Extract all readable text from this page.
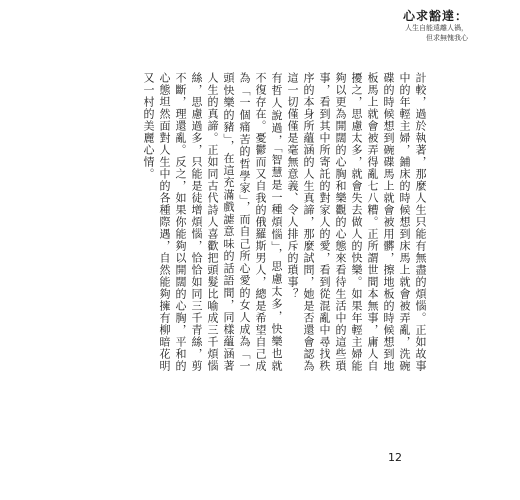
心求豁達：
人生自能遠離人禍，
但求無愧我心

計較，過於執著，那麼人生只能有無盡的煩惱。正如故事中的年輕主婦，鋪床的時候想到床馬上就會被弄亂，洗碗碟的時候想到碗碟馬上就會被用髒，擦地板的時候想到地板馬上就會被弄得亂七八糟。正所謂世間本無事，庸人自擾之，思慮太多，就會失去做人的快樂。如果年輕主婦能夠以更為開闊的心胸和樂觀的心態來看待生活中的這些瑣事，看到其中所寄託的對家人的愛，看到從混亂中尋找秩序的本身所蘊涵的人生真諦，那麼試問，她是否還會認為這一切僅僅是毫無意義、令人排斥的瑣事？

有哲人說過，「智慧是一種煩惱」，思慮太多，快樂也就不復存在。憂鬱而又自我的俄羅斯男人，總是希望自己成為「一個痛苦的哲學家」，而自己所心愛的女人成為「一頭快樂的豬」，在這充滿戲謔意味的話語間，同樣蘊涵著人生的真諦。正如同古代詩人喜歡把頭髮比喻成三千煩惱絲，思慮過多，只能是徒增煩惱，恰恰如同三千青絲，剪不斷，理還亂。反之，如果你能夠以開闊的心胸，平和的心態坦然面對人生中的各種際遇，自然能夠擁有柳暗花明又一村的美麗心情。

12
